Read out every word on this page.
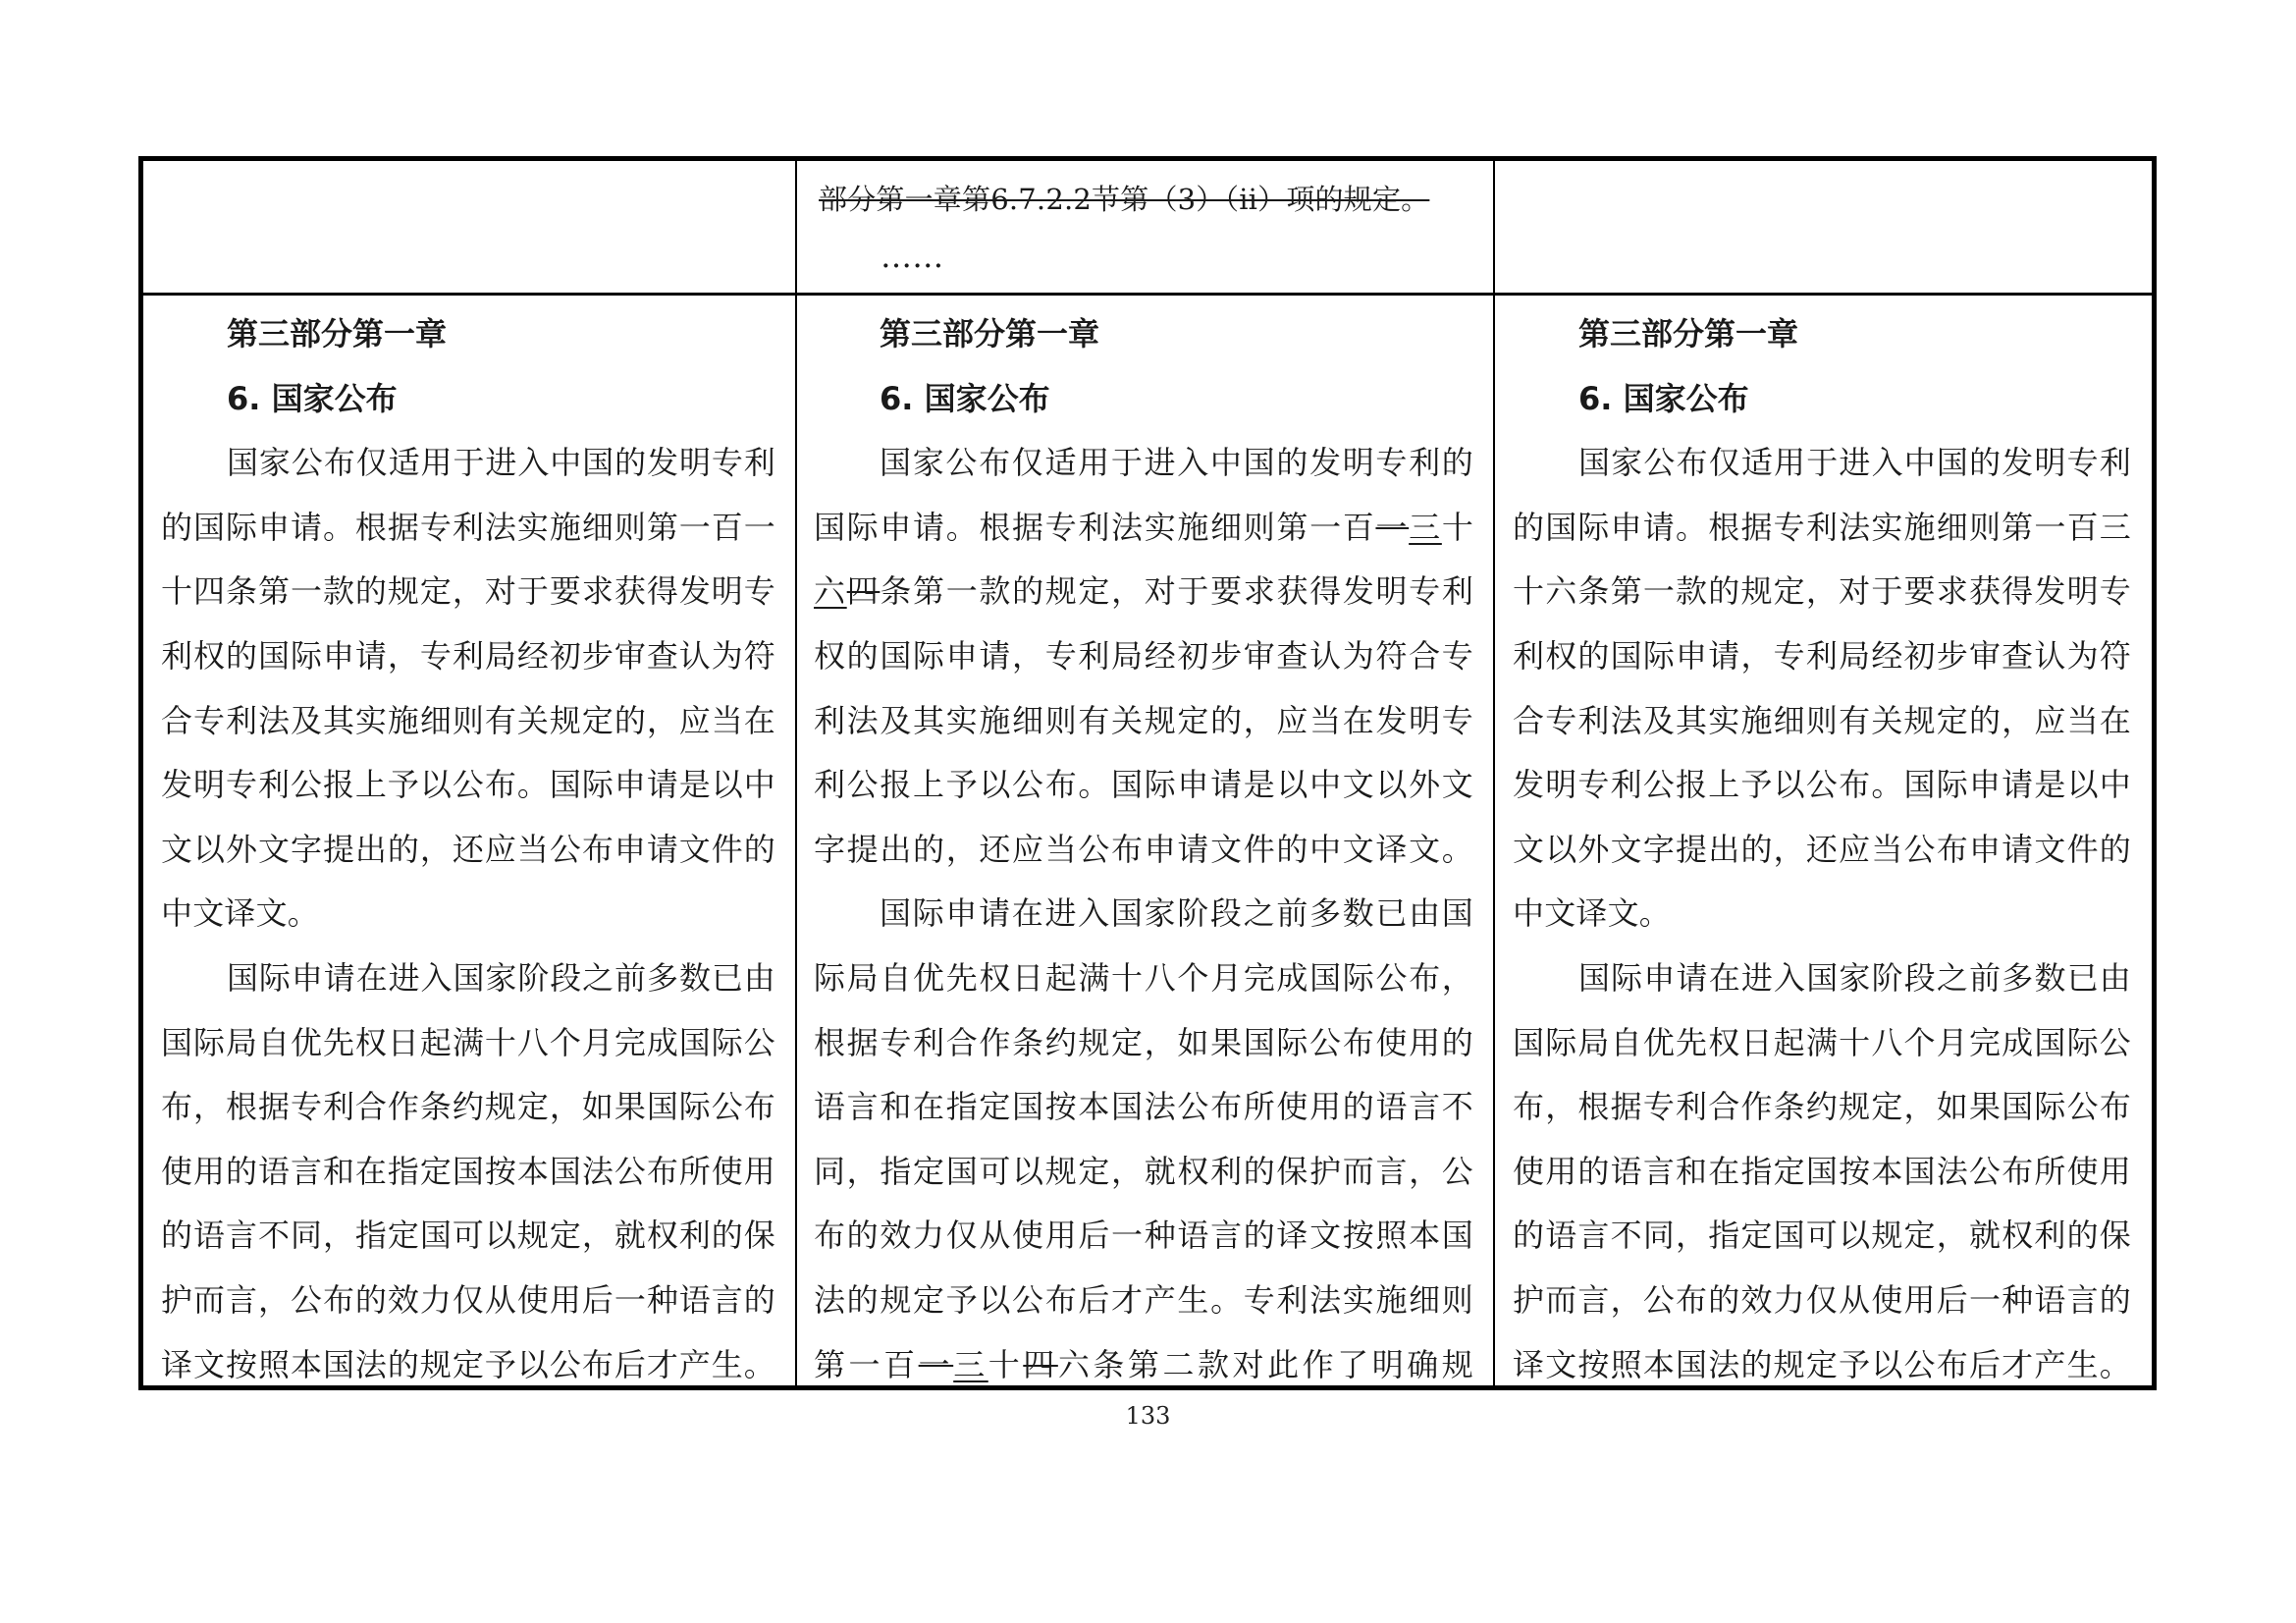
部分第一章第6.7.2.2节第（3）（ii）项的规定。
……
第三部分第一章
6. 国家公布
国家公布仅适用于进入中国的发明专利
的国际申请。根据专利法实施细则第一百一
十四条第一款的规定，对于要求获得发明专
利权的国际申请，专利局经初步审查认为符
合专利法及其实施细则有关规定的，应当在
发明专利公报上予以公布。国际申请是以中
文以外文字提出的，还应当公布申请文件的
中文译文。
国际申请在进入国家阶段之前多数已由
国际局自优先权日起满十八个月完成国际公
布，根据专利合作条约规定，如果国际公布
使用的语言和在指定国按本国法公布所使用
的语言不同，指定国可以规定，就权利的保
护而言，公布的效力仅从使用后一种语言的
译文按照本国法的规定予以公布后才产生。
第三部分第一章
6. 国家公布
国家公布仅适用于进入中国的发明专利的
国际申请。根据专利法实施细则第一百一三十
六四条第一款的规定，对于要求获得发明专利
权的国际申请，专利局经初步审查认为符合专
利法及其实施细则有关规定的，应当在发明专
利公报上予以公布。国际申请是以中文以外文
字提出的，还应当公布申请文件的中文译文。
国际申请在进入国家阶段之前多数已由国
际局自优先权日起满十八个月完成国际公布，
根据专利合作条约规定，如果国际公布使用的
语言和在指定国按本国法公布所使用的语言不
同，指定国可以规定，就权利的保护而言，公
布的效力仅从使用后一种语言的译文按照本国
法的规定予以公布后才产生。专利法实施细则
第一百一三十四六条第二款对此作了明确规
第三部分第一章
6. 国家公布
国家公布仅适用于进入中国的发明专利
的国际申请。根据专利法实施细则第一百三
十六条第一款的规定，对于要求获得发明专
利权的国际申请，专利局经初步审查认为符
合专利法及其实施细则有关规定的，应当在
发明专利公报上予以公布。国际申请是以中
文以外文字提出的，还应当公布申请文件的
中文译文。
国际申请在进入国家阶段之前多数已由
国际局自优先权日起满十八个月完成国际公
布，根据专利合作条约规定，如果国际公布
使用的语言和在指定国按本国法公布所使用
的语言不同，指定国可以规定，就权利的保
护而言，公布的效力仅从使用后一种语言的
译文按照本国法的规定予以公布后才产生。
133
